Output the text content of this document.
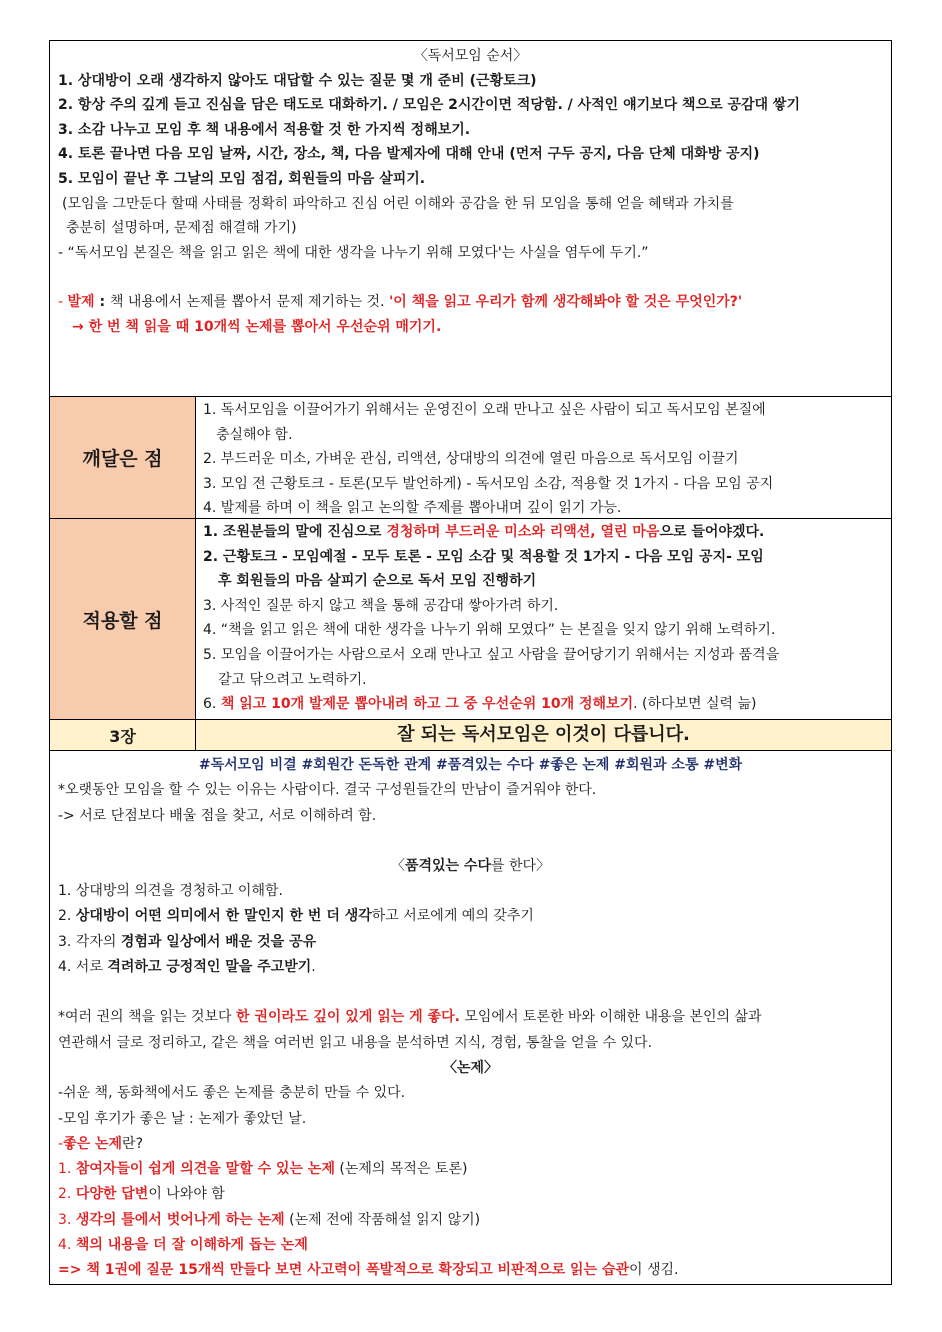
〈독서모임 순서〉
1. 상대방이 오래 생각하지 않아도 대답할 수 있는 질문 몇 개 준비 (근황토크)
2. 항상 주의 깊게 듣고 진심을 담은 태도로 대화하기. / 모임은 2시간이면 적당함. / 사적인 얘기보다 책으로 공감대 쌓기
3. 소감 나누고 모임 후 책 내용에서 적용할 것 한 가지씩 정해보기.
4. 토론 끝나면 다음 모임 날짜, 시간, 장소, 책, 다음 발제자에 대해 안내 (먼저 구두 공지, 다음 단체 대화방 공지)
5. 모임이 끝난 후 그날의 모임 점검, 회원들의 마음 살피기.
(모임을 그만둔다 할때 사태를 정확히 파악하고 진심 어린 이해와 공감을 한 뒤 모임을 통해 얻을 혜택과 가치를
충분히 설명하며, 문제점 해결해 가기)
- “독서모임 본질은 책을 읽고 읽은 책에 대한 생각을 나누기 위해 모였다'는 사실을 염두에 두기.”
- 발제 : 책 내용에서 논제를 뽑아서 문제 제기하는 것. '이 책을 읽고 우리가 함께 생각해봐야 할 것은 무엇인가?'
→ 한 번 책 읽을 때 10개씩 논제를 뽑아서 우선순위 매기기.
깨달은 점
1. 독서모임을 이끌어가기 위해서는 운영진이 오래 만나고 싶은 사람이 되고 독서모임 본질에
충실해야 함.
2. 부드러운 미소, 가벼운 관심, 리액션, 상대방의 의견에 열린 마음으로 독서모임 이끌기
3. 모임 전 근황토크 - 토론(모두 발언하게) - 독서모임 소감, 적용할 것 1가지 - 다음 모임 공지
4. 발제를 하며 이 책을 읽고 논의할 주제를 뽑아내며 깊이 읽기 가능.
적용할 점
1. 조원분들의 말에 진심으로 경청하며 부드러운 미소와 리액션, 열린 마음으로 들어야겠다.
2. 근황토크 - 모임예절 - 모두 토론 - 모임 소감 및 적용할 것 1가지 - 다음 모임 공지- 모임
후 회원들의 마음 살피기 순으로 독서 모임 진행하기
3. 사적인 질문 하지 않고 책을 통해 공감대 쌓아가려 하기.
4. “책을 읽고 읽은 책에 대한 생각을 나누기 위해 모였다” 는 본질을 잊지 않기 위해 노력하기.
5. 모임을 이끌어가는 사람으로서 오래 만나고 싶고 사람을 끌어당기기 위해서는 지성과 품격을
갈고 닦으려고 노력하기.
6. 책 읽고 10개 발제문 뽑아내려 하고 그 중 우선순위 10개 정해보기. (하다보면 실력 늚)
3장	잘 되는 독서모임은 이것이 다릅니다.
#독서모임 비결 #회원간 돈독한 관계 #품격있는 수다 #좋은 논제 #회원과 소통 #변화
*오랫동안 모임을 할 수 있는 이유는 사람이다. 결국 구성원들간의 만남이 즐거워야 한다.
-> 서로 단점보다 배울 점을 찾고, 서로 이해하려 함.
〈품격있는 수다를 한다〉
1. 상대방의 의견을 경청하고 이해함.
2. 상대방이 어떤 의미에서 한 말인지 한 번 더 생각하고 서로에게 예의 갖추기
3. 각자의 경험과 일상에서 배운 것을 공유
4. 서로 격려하고 긍정적인 말을 주고받기.
*여러 권의 책을 읽는 것보다 한 권이라도 깊이 있게 읽는 게 좋다. 모임에서 토론한 바와 이해한 내용을 본인의 삶과
연관해서 글로 정리하고, 같은 책을 여러번 읽고 내용을 분석하면 지식, 경험, 통찰을 얻을 수 있다.
〈논제〉
-쉬운 책, 동화책에서도 좋은 논제를 충분히 만들 수 있다.
-모임 후기가 좋은 날 : 논제가 좋았던 날.
-좋은 논제란?
1. 참여자들이 쉽게 의견을 말할 수 있는 논제 (논제의 목적은 토론)
2. 다양한 답변이 나와야 함
3. 생각의 틀에서 벗어나게 하는 논제 (논제 전에 작품해설 읽지 않기)
4. 책의 내용을 더 잘 이해하게 돕는 논제
=> 책 1권에 질문 15개씩 만들다 보면 사고력이 폭발적으로 확장되고 비판적으로 읽는 습관이 생김.
